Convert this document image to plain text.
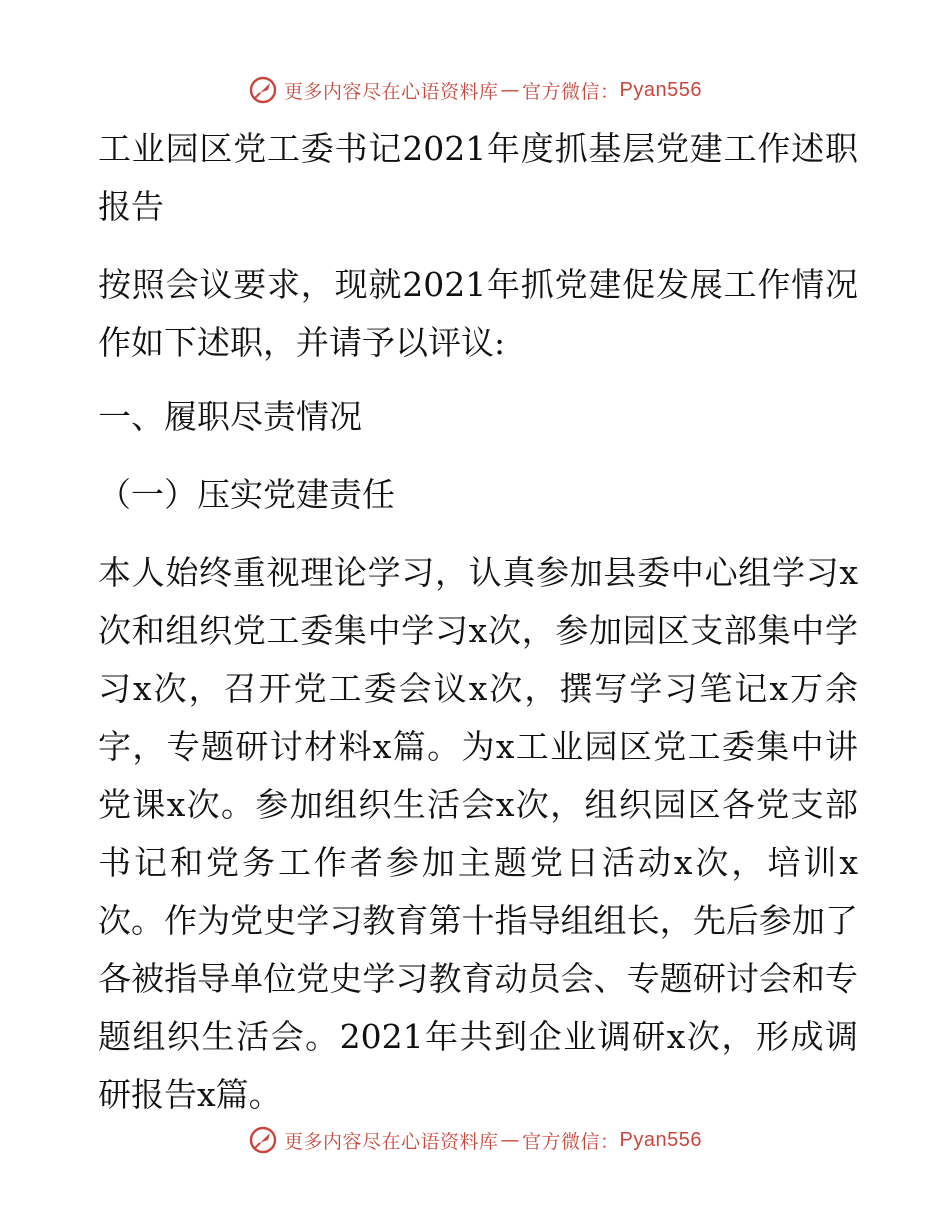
更多内容尽在心语资料库 — 官方微信： Pyan556

工业园区党工委书记2021年度抓基层党建工作述职报告

按照会议要求，现就2021年抓党建促发展工作情况作如下述职，并请予以评议:

一、履职尽责情况

（一）压实党建责任

本人始终重视理论学习，认真参加县委中心组学习x次和组织党工委集中学习x次，参加园区支部集中学习x次，召开党工委会议x次，撰写学习笔记x万余字，专题研讨材料x篇。为x工业园区党工委集中讲党课x次。参加组织生活会x次，组织园区各党支部书记和党务工作者参加主题党日活动x次，培训x次。作为党史学习教育第十指导组组长，先后参加了各被指导单位党史学习教育动员会、专题研讨会和专题组织生活会。2021年共到企业调研x次，形成调研报告x篇。

更多内容尽在心语资料库 — 官方微信： Pyan556
